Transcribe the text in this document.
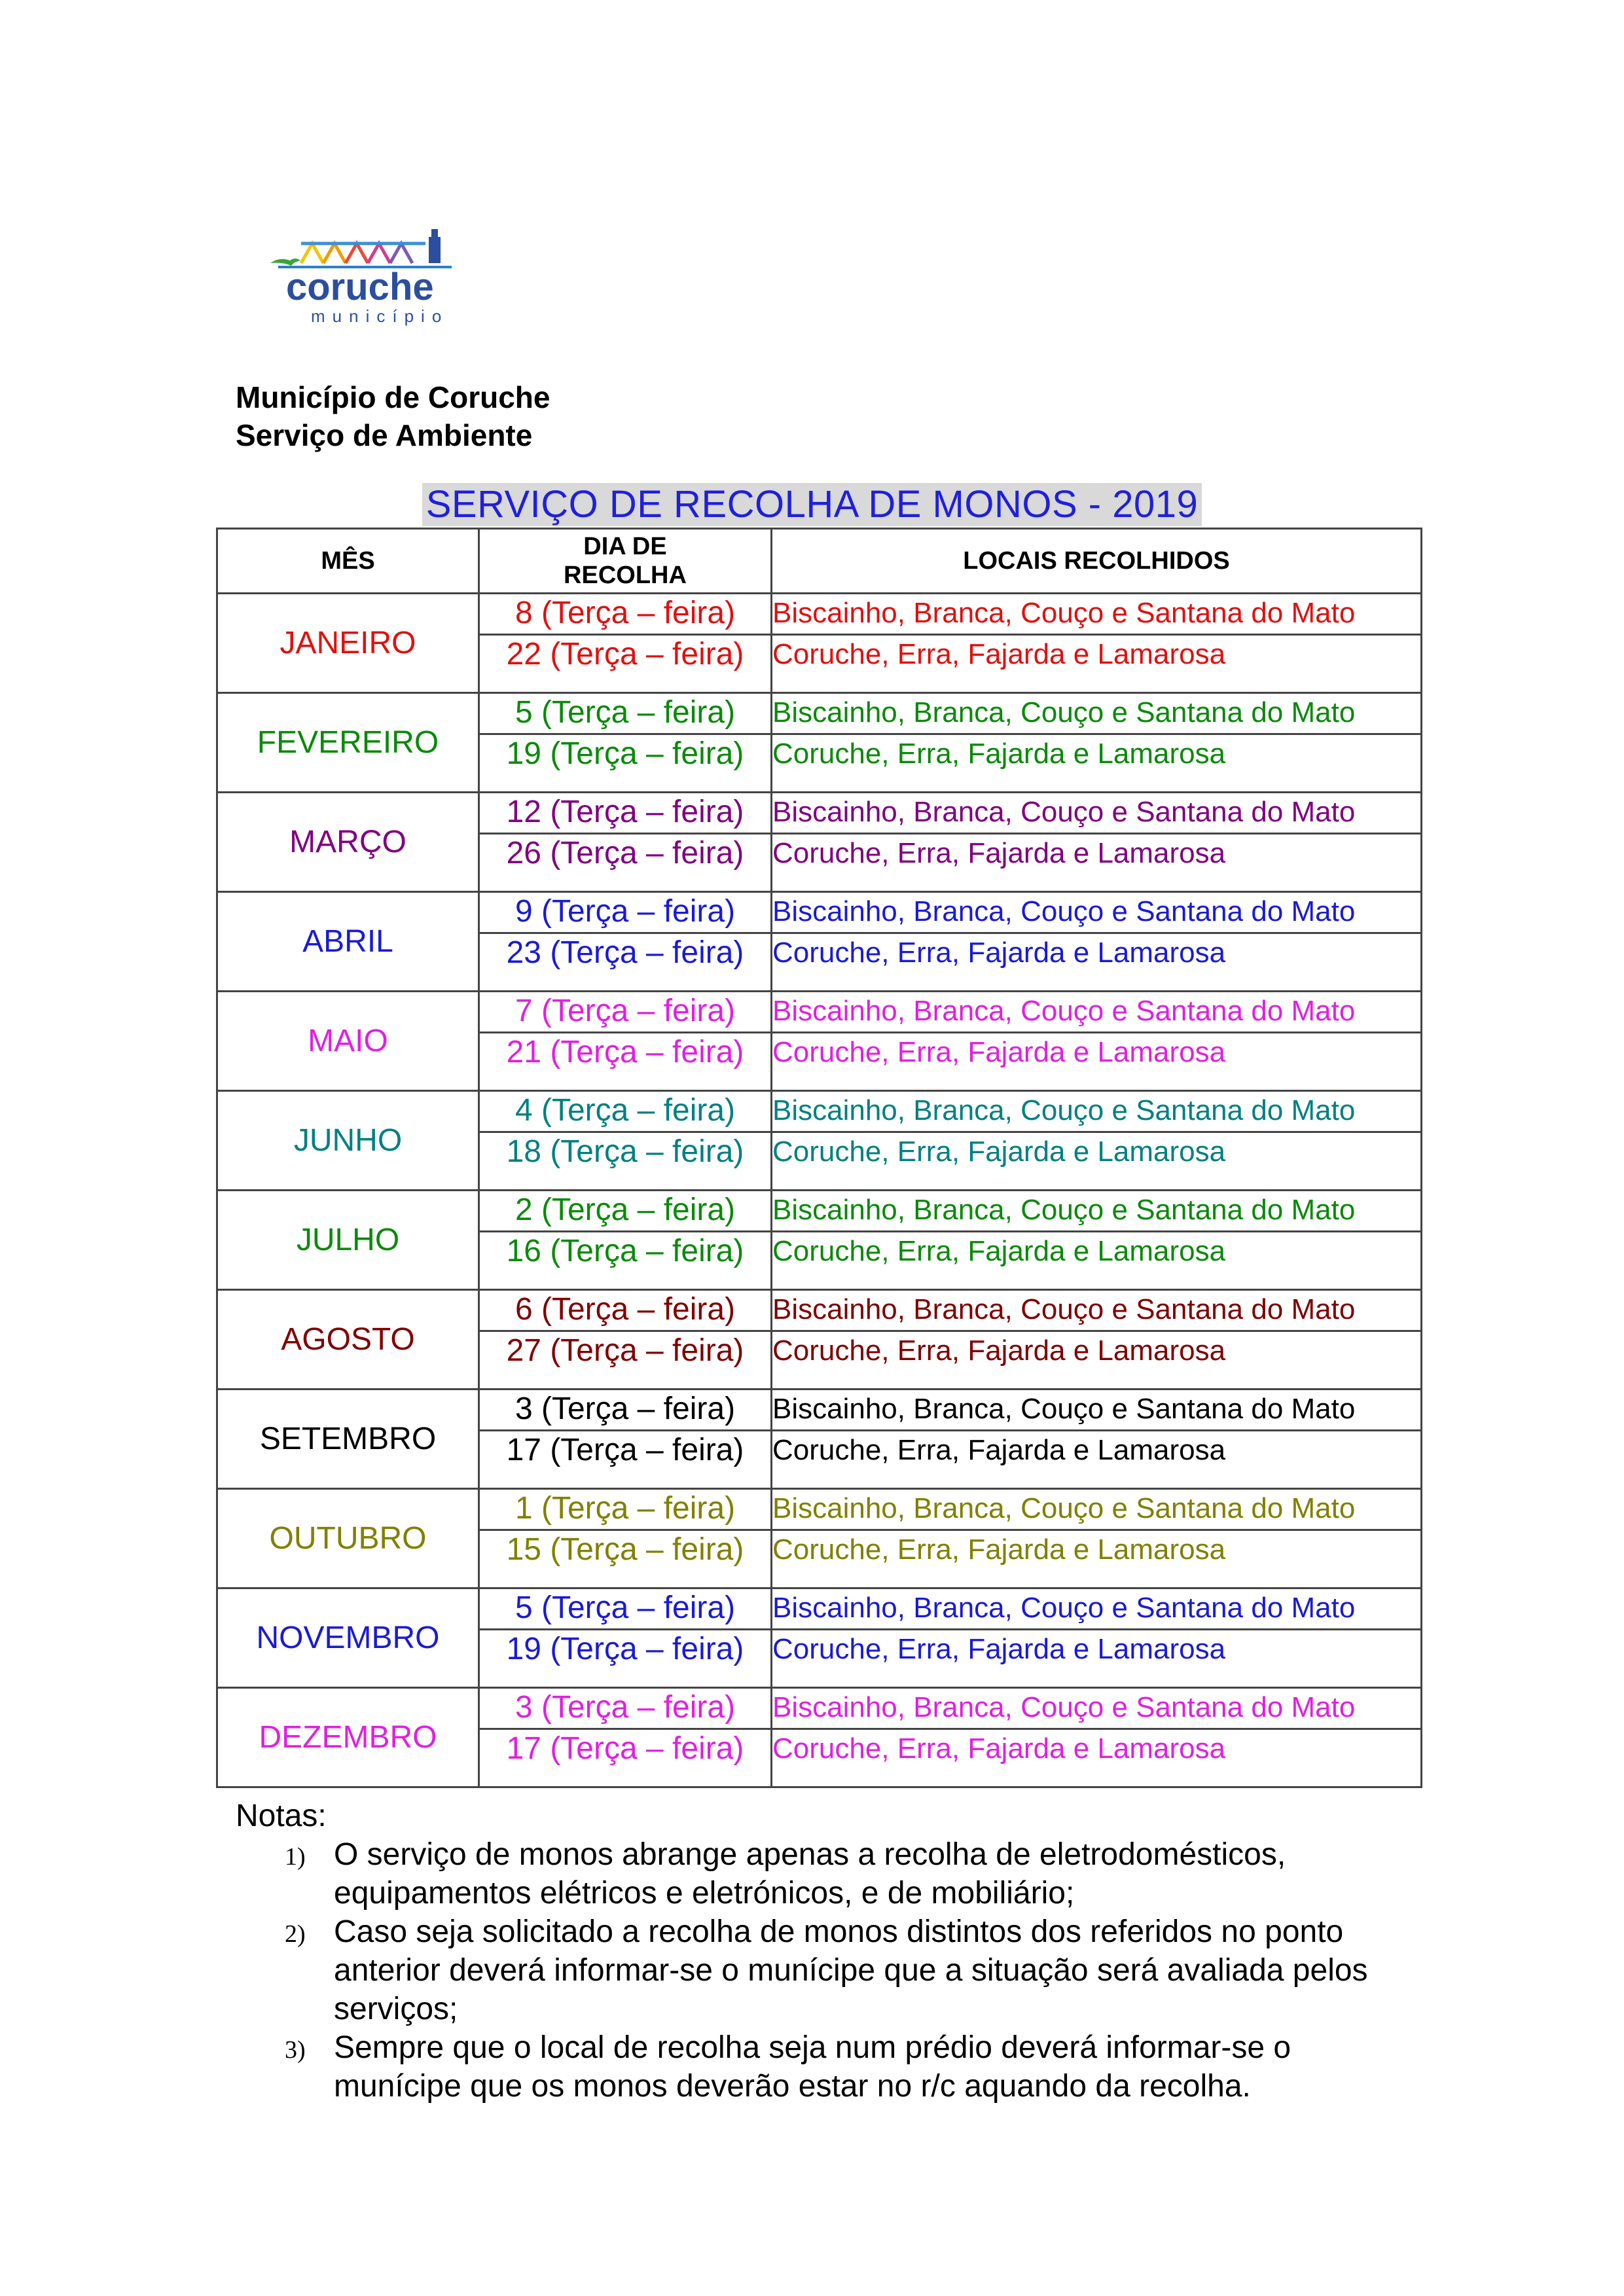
coruche
município
Município de Coruche
Serviço de Ambiente
SERVIÇO DE RECOLHA DE MONOS - 2019
MÊS	DIA DE RECOLHA	LOCAIS RECOLHIDOS
JANEIRO	8 (Terça – feira)	Biscainho, Branca, Couço e Santana do Mato
	22 (Terça – feira)	Coruche, Erra, Fajarda e Lamarosa
FEVEREIRO	5 (Terça – feira)	Biscainho, Branca, Couço e Santana do Mato
	19 (Terça – feira)	Coruche, Erra, Fajarda e Lamarosa
MARÇO	12 (Terça – feira)	Biscainho, Branca, Couço e Santana do Mato
	26 (Terça – feira)	Coruche, Erra, Fajarda e Lamarosa
ABRIL	9 (Terça – feira)	Biscainho, Branca, Couço e Santana do Mato
	23 (Terça – feira)	Coruche, Erra, Fajarda e Lamarosa
MAIO	7 (Terça – feira)	Biscainho, Branca, Couço e Santana do Mato
	21 (Terça – feira)	Coruche, Erra, Fajarda e Lamarosa
JUNHO	4 (Terça – feira)	Biscainho, Branca, Couço e Santana do Mato
	18 (Terça – feira)	Coruche, Erra, Fajarda e Lamarosa
JULHO	2 (Terça – feira)	Biscainho, Branca, Couço e Santana do Mato
	16 (Terça – feira)	Coruche, Erra, Fajarda e Lamarosa
AGOSTO	6 (Terça – feira)	Biscainho, Branca, Couço e Santana do Mato
	27 (Terça – feira)	Coruche, Erra, Fajarda e Lamarosa
SETEMBRO	3 (Terça – feira)	Biscainho, Branca, Couço e Santana do Mato
	17 (Terça – feira)	Coruche, Erra, Fajarda e Lamarosa
OUTUBRO	1 (Terça – feira)	Biscainho, Branca, Couço e Santana do Mato
	15 (Terça – feira)	Coruche, Erra, Fajarda e Lamarosa
NOVEMBRO	5 (Terça – feira)	Biscainho, Branca, Couço e Santana do Mato
	19 (Terça – feira)	Coruche, Erra, Fajarda e Lamarosa
DEZEMBRO	3 (Terça – feira)	Biscainho, Branca, Couço e Santana do Mato
	17 (Terça – feira)	Coruche, Erra, Fajarda e Lamarosa
Notas:
1) O serviço de monos abrange apenas a recolha de eletrodomésticos, equipamentos elétricos e eletrónicos, e de mobiliário;
2) Caso seja solicitado a recolha de monos distintos dos referidos no ponto anterior deverá informar-se o munícipe que a situação será avaliada pelos serviços;
3) Sempre que o local de recolha seja num prédio deverá informar-se o munícipe que os monos deverão estar no r/c aquando da recolha.
